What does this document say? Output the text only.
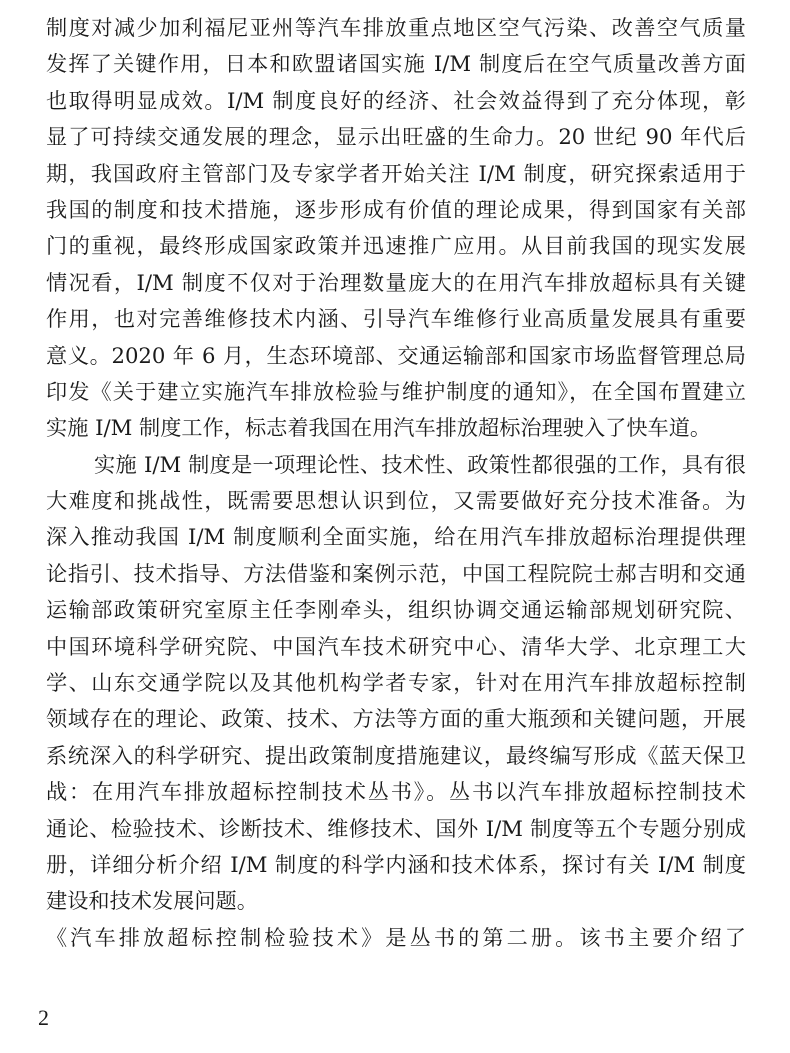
制度对减少加利福尼亚州等汽车排放重点地区空气污染、改善空气质量
发挥了关键作用，日本和欧盟诸国实施 I/M 制度后在空气质量改善方面
也取得明显成效。I/M 制度良好的经济、社会效益得到了充分体现，彰
显了可持续交通发展的理念，显示出旺盛的生命力。20 世纪 90 年代后
期，我国政府主管部门及专家学者开始关注 I/M 制度，研究探索适用于
我国的制度和技术措施，逐步形成有价值的理论成果，得到国家有关部
门的重视，最终形成国家政策并迅速推广应用。从目前我国的现实发展
情况看，I/M 制度不仅对于治理数量庞大的在用汽车排放超标具有关键
作用，也对完善维修技术内涵、引导汽车维修行业高质量发展具有重要
意义。2020 年 6 月，生态环境部、交通运输部和国家市场监督管理总局
印发《关于建立实施汽车排放检验与维护制度的通知》，在全国布置建立
实施 I/M 制度工作，标志着我国在用汽车排放超标治理驶入了快车道。
实施 I/M 制度是一项理论性、技术性、政策性都很强的工作，具有很
大难度和挑战性，既需要思想认识到位，又需要做好充分技术准备。为
深入推动我国 I/M 制度顺利全面实施，给在用汽车排放超标治理提供理
论指引、技术指导、方法借鉴和案例示范，中国工程院院士郝吉明和交通
运输部政策研究室原主任李刚牵头，组织协调交通运输部规划研究院、
中国环境科学研究院、中国汽车技术研究中心、清华大学、北京理工大
学、山东交通学院以及其他机构学者专家，针对在用汽车排放超标控制
领域存在的理论、政策、技术、方法等方面的重大瓶颈和关键问题，开展
系统深入的科学研究、提出政策制度措施建议，最终编写形成《蓝天保卫
战：在用汽车排放超标控制技术丛书》。丛书以汽车排放超标控制技术
通论、检验技术、诊断技术、维修技术、国外 I/M 制度等五个专题分别成
册，详细分析介绍 I/M 制度的科学内涵和技术体系，探讨有关 I/M 制度
建设和技术发展问题。
《汽车排放超标控制检验技术》是丛书的第二册。该书主要介绍了
2
